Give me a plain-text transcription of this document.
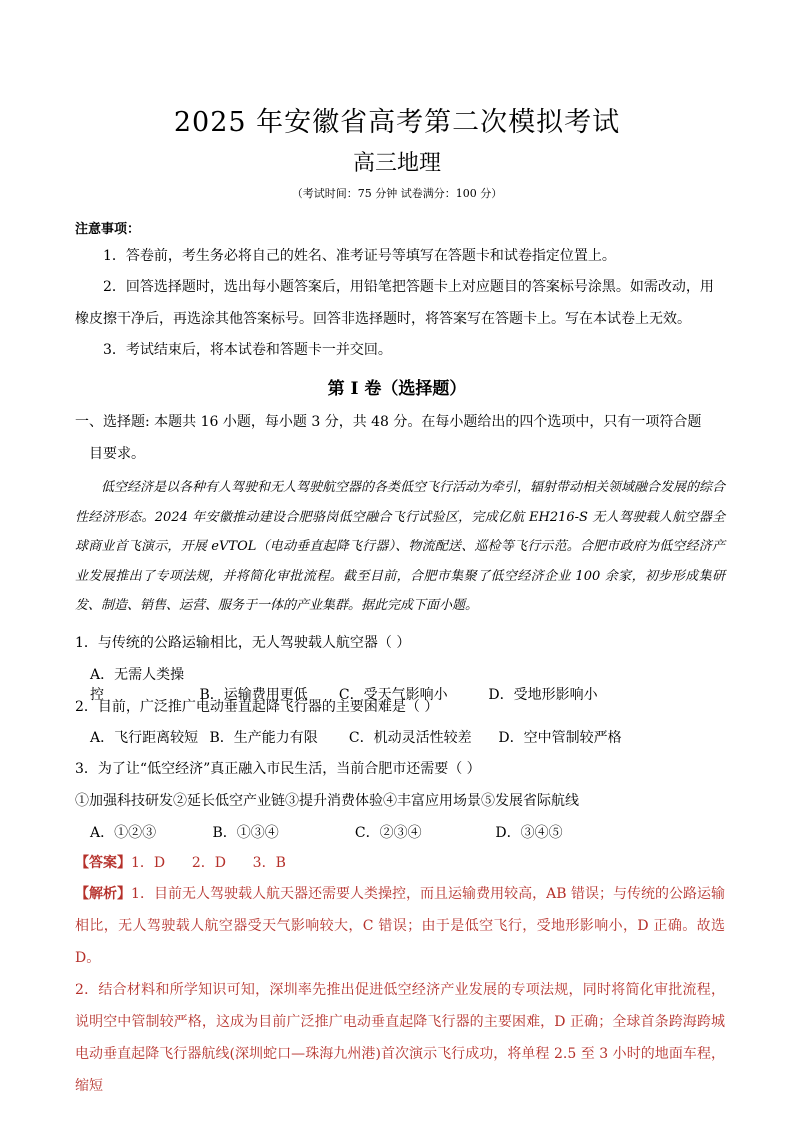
2025 年安徽省高考第二次模拟考试
高三地理
（考试时间：75 分钟 试卷满分：100 分）
注意事项：
1．答卷前，考生务必将自己的姓名、准考证号等填写在答题卡和试卷指定位置上。
2．回答选择题时，选出每小题答案后，用铅笔把答题卡上对应题目的答案标号涂黑。如需改动，用橡皮擦干净后，再选涂其他答案标号。回答非选择题时，将答案写在答题卡上。写在本试卷上无效。
3．考试结束后，将本试卷和答题卡一并交回。
第 I 卷（选择题）
一、选择题: 本题共 16 小题，每小题 3 分，共 48 分。在每小题给出的四个选项中，只有一项符合题
目要求。
低空经济是以各种有人驾驶和无人驾驶航空器的各类低空飞行活动为牵引，辐射带动相关领域融合发展的综合性经济形态。2024 年安徽推动建设合肥骆岗低空融合飞行试验区，完成亿航 EH216-S 无人驾驶载人航空器全球商业首飞演示，开展 eVTOL（电动垂直起降飞行器）、物流配送、巡检等飞行示范。合肥市政府为低空经济产业发展推出了专项法规，并将简化审批流程。截至目前，合肥市集聚了低空经济企业 100 余家，初步形成集研发、制造、销售、运营、服务于一体的产业集群。据此完成下面小题。
1．与传统的公路运输相比，无人驾驶载人航空器（ ）
A．无需人类操控	B．运输费用更低 C．受天气影响小	D．受地形影响小
2．目前，广泛推广电动垂直起降飞行器的主要困难是（ ）
A．飞行距离较短 B．生产能力有限 C．机动灵活性较差 D．空中管制较严格
3．为了让“低空经济”真正融入市民生活，当前合肥市还需要（ ）
①加强科技研发②延长低空产业链③提升消费体验④丰富应用场景⑤发展省际航线
A．①②③	B．①③④	C．②③④	D．③④⑤
【答案】1．D      2．D      3．B
【解析】1．目前无人驾驶载人航天器还需要人类操控，而且运输费用较高，AB 错误；与传统的公路运输相比，无人驾驶载人航空器受天气影响较大，C 错误；由于是低空飞行，受地形影响小，D 正确。故选 D。
2．结合材料和所学知识可知，深圳率先推出促进低空经济产业发展的专项法规，同时将简化审批流程，说明空中管制较严格，这成为目前广泛推广电动垂直起降飞行器的主要困难，D 正确；全球首条跨海跨城电动垂直起降飞行器航线(深圳蛇口—珠海九州港)首次演示飞行成功，将单程 2.5 至 3 小时的地面车程，缩短
